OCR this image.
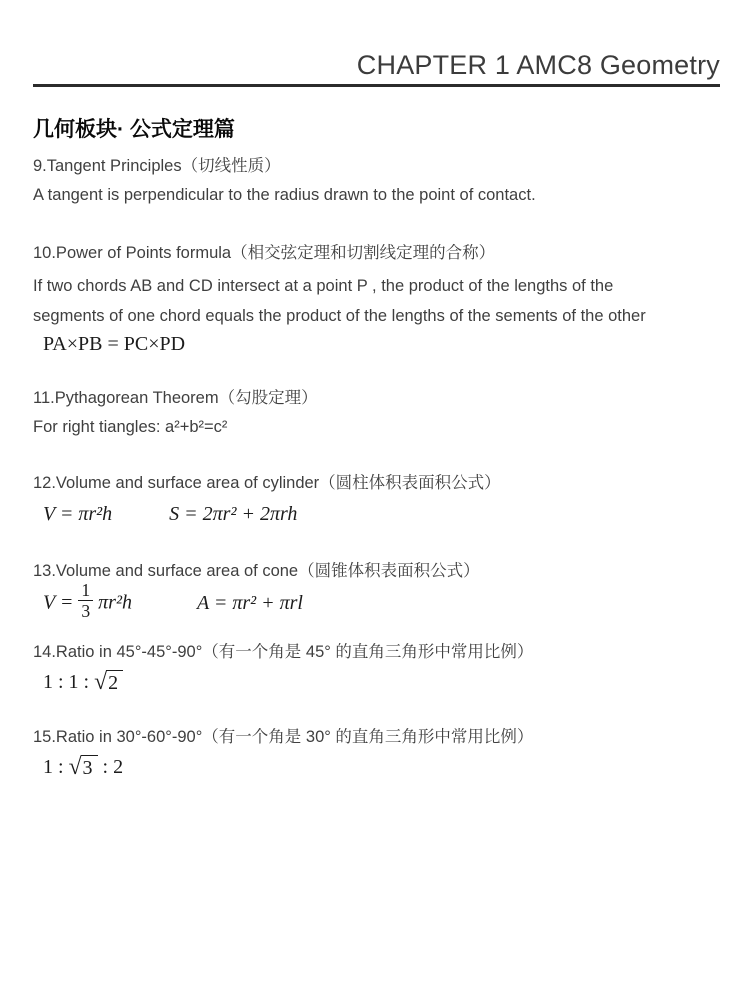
CHAPTER 1 AMC8 Geometry
几何板块· 公式定理篇
9.Tangent Principles（切线性质）
A tangent is perpendicular to the radius drawn to the point of contact.
10.Power of Points formula（相交弦定理和切割线定理的合称）
If two chords AB and CD intersect at a point P , the product of the lengths of the
segments of one chord equals the product of the lengths of the sements of the other
PA×PB = PC×PD
11.Pythagorean Theorem（勾股定理）
For right tiangles: a²+b²=c²
12.Volume and surface area of cylinder（圆柱体积表面积公式）
V = πr²h	S = 2πr² + 2πrh
13.Volume and surface area of cone（圆锥体积表面积公式）
$V = \frac{1}{3} \pi r^2h$	A = πr² + πrl
14.Ratio in 45°-45°-90°（有一个角是 45° 的直角三角形中常用比例）
1 : 1 : √ 2
15.Ratio in 30°-60°-90°（有一个角是 30° 的直角三角形中常用比例）
1 : √ 3 : 2
